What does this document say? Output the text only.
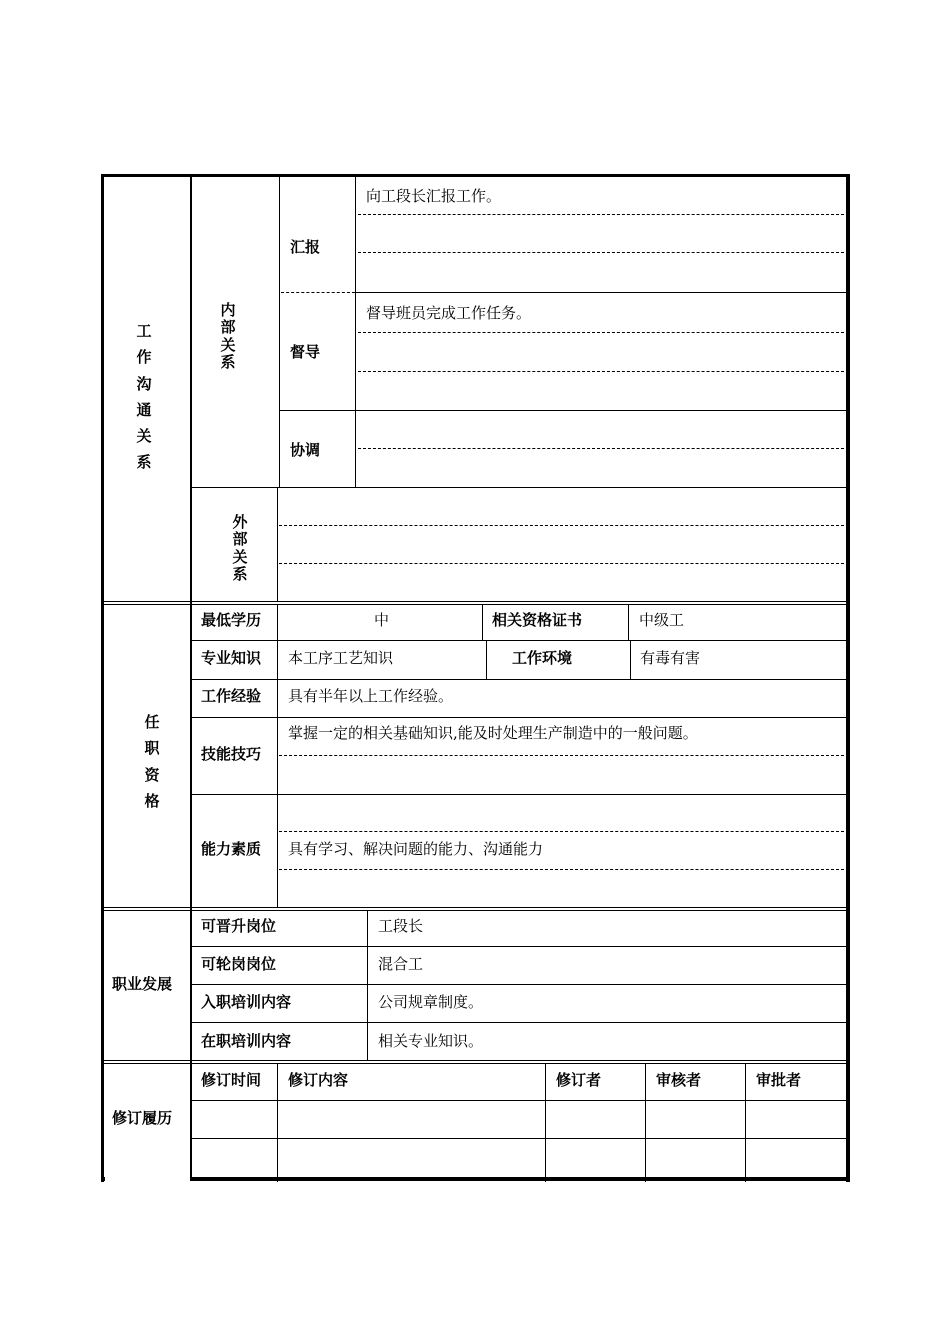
工
作
沟
通
关
系
内
部
关
系
汇报
向工段长汇报工作。
督导
督导班员完成工作任务。
协调
外
部
关
系
任
职
资
格
最低学历	中	相关资格证书	中级工
专业知识 本工序工艺知识	工作环境	有毒有害
工作经验 具有半年以上工作经验。
技能技巧
掌握一定的相关基础知识,能及时处理生产制造中的一般问题。
能力素质 具有学习、解决问题的能力、沟通能力
职业发展
可晋升岗位	工段长
可轮岗岗位	混合工
入职培训内容	公司规章制度。
在职培训内容	相关专业知识。
修订履历
修订时间 修订内容	修订者	审核者	审批者
